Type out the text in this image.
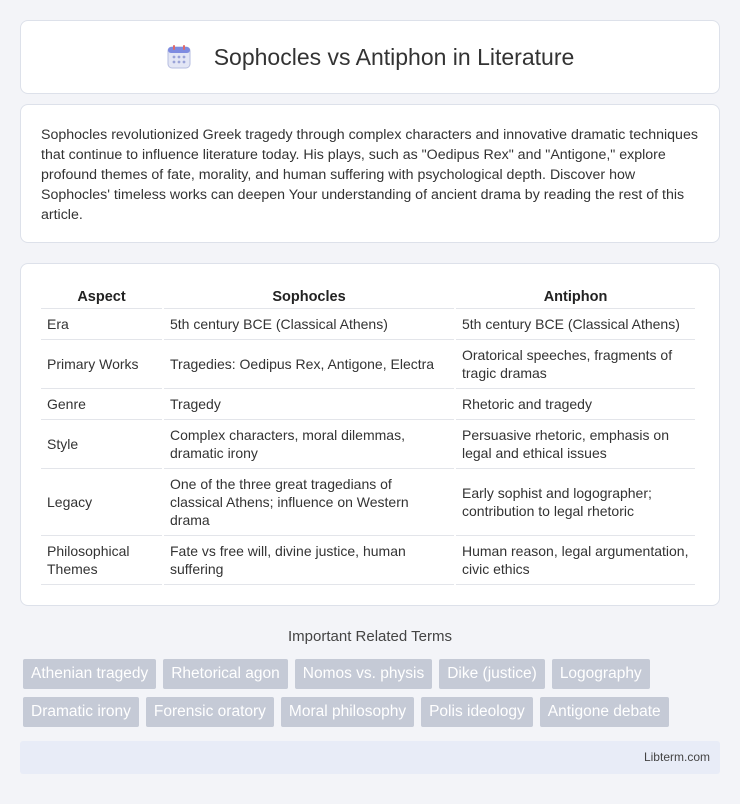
Sophocles vs Antiphon in Literature

Sophocles revolutionized Greek tragedy through complex characters and innovative dramatic techniques that continue to influence literature today. His plays, such as "Oedipus Rex" and "Antigone," explore profound themes of fate, morality, and human suffering with psychological depth. Discover how Sophocles' timeless works can deepen Your understanding of ancient drama by reading the rest of this article.

Aspect	Sophocles	Antiphon
Era	5th century BCE (Classical Athens)	5th century BCE (Classical Athens)
Primary Works	Tragedies: Oedipus Rex, Antigone, Electra	Oratorical speeches, fragments of tragic dramas
Genre	Tragedy	Rhetoric and tragedy
Style	Complex characters, moral dilemmas, dramatic irony	Persuasive rhetoric, emphasis on legal and ethical issues
Legacy	One of the three great tragedians of classical Athens; influence on Western drama	Early sophist and logographer; contribution to legal rhetoric
Philosophical Themes	Fate vs free will, divine justice, human suffering	Human reason, legal argumentation, civic ethics
Important Related Terms
Athenian tragedy	Rhetorical agon	Nomos vs. physis	Dike (justice)	Logography
Dramatic irony	Forensic oratory	Moral philosophy	Polis ideology	Antigone debate
Libterm.com
